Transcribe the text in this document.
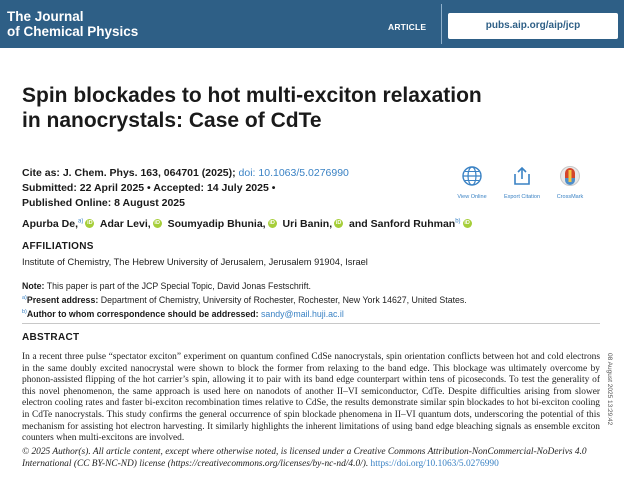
The Journal
of Chemical Physics	ARTICLE	pubs.aip.org/aip/jcp
Spin blockades to hot multi-exciton relaxation
in nanocrystals: Case of CdTe
Cite as: J. Chem. Phys. 163, 064701 (2025); doi: 10.1063/5.0276990
Submitted: 22 April 2025 • Accepted: 14 July 2025 •
Published Online: 8 August 2025	View Online	Export Citation	CrossMark
Apurba De,$^{a)}$ iD Adar Levi, iD Soumyadip Bhunia, iD Uri Banin, iD and Sanford Ruhman$^{b)}$ iD
AFFILIATIONS
Institute of Chemistry, The Hebrew University of Jerusalem, Jerusalem 91904, Israel
Note: This paper is part of the JCP Special Topic, David Jonas Festschrift.
$^{a)}$Present address: Department of Chemistry, University of Rochester, Rochester, New York 14627, United States.
$^{b)}$Author to whom correspondence should be addressed: sandy@mail.huji.ac.il
ABSTRACT

In a recent three pulse “spectator exciton” experiment on quantum confined CdSe nanocrystals, spin orientation conflicts between hot and cold electrons in the same doubly excited nanocrystal were shown to block the former from relaxing to the band edge. This blockage was ultimately overcome by phonon-assisted flipping of the hot carrier’s spin, allowing it to pair with its band edge counterpart within tens of picoseconds. To test the generality of this novel phenomenon, the same approach is used here on nanodots of another II–VI semiconductor, CdTe. Despite difficulties arising from slower electron cooling rates and faster bi-exciton recombination times relative to CdSe, the results demonstrate similar spin blockades to hot bi-exciton cooling in CdTe nanocrystals. This study confirms the general occurrence of spin blockade phenomena in II–VI quantum dots, underscoring the potential of this mechanism for assisting hot electron harvesting. It similarly highlights the inherent limitations of using band edge bleaching signals as ensemble exciton counters when multi-excitons are involved.

© 2025 Author(s). All article content, except where otherwise noted, is licensed under a Creative Commons Attribution-NonCommercial-NoDerivs 4.0 International (CC BY-NC-ND) license (https://creativecommons.org/licenses/by-nc-nd/4.0/). https://doi.org/10.1063/5.0276990

08 August 2025 13:29:42
